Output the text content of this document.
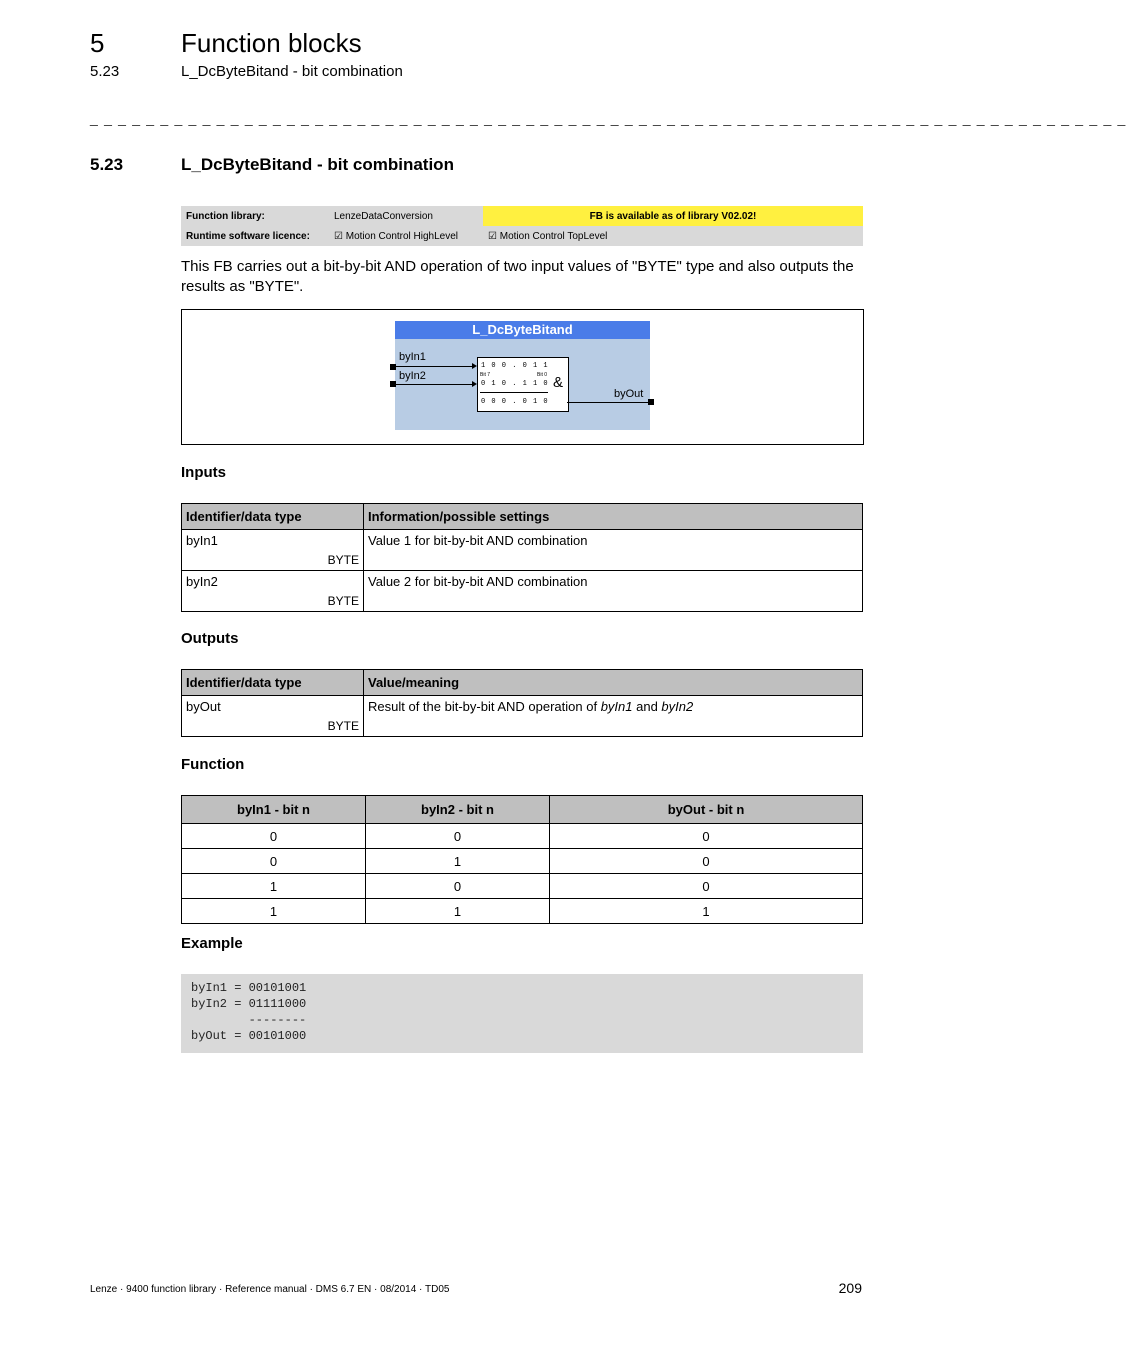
5	Function blocks
5.23	L_DcByteBitand - bit combination
_ _ _ _ _ _ _ _ _ _ _ _ _ _ _ _ _ _ _ _ _ _ _ _ _ _ _ _ _ _ _ _ _ _ _ _ _ _ _ _ _ _ _ _ _ _ _ _ _ _ _ _ _ _ _ _ _ _ _ _ _ _ _ _ _ _ _ _ _ _ _ _ _ _
5.23	L_DcByteBitand - bit combination
Function library:	LenzeDataConversion	FB is available as of library V02.02!
Runtime software licence:	☑ Motion Control HighLevel	☑ Motion Control TopLevel
This FB carries out a bit-by-bit AND operation of two input values of "BYTE" type and also outputs the results as "BYTE".
L_DcByteBitand
byIn1
byIn2
1 0 0 . 0 1 1
Bit 7	Bit 0
0 1 0 . 1 1 0
0 0 0 . 0 1 0
&
byOut
Inputs
Identifier/data type	Information/possible settings
byIn1
BYTE	Value 1 for bit-by-bit AND combination
byIn2
BYTE	Value 2 for bit-by-bit AND combination
Outputs
Identifier/data type	Value/meaning
byOut
BYTE	Result of the bit-by-bit AND operation of byIn1 and byIn2
Function
byIn1 - bit n	byIn2 - bit n	byOut - bit n
0	0	0
0	1	0
1	0	0
1	1	1
Example
byIn1 = 00101001
byIn2 = 01111000
--------
byOut = 00101000
Lenze · 9400 function library · Reference manual · DMS 6.7 EN · 08/2014 · TD05	209
